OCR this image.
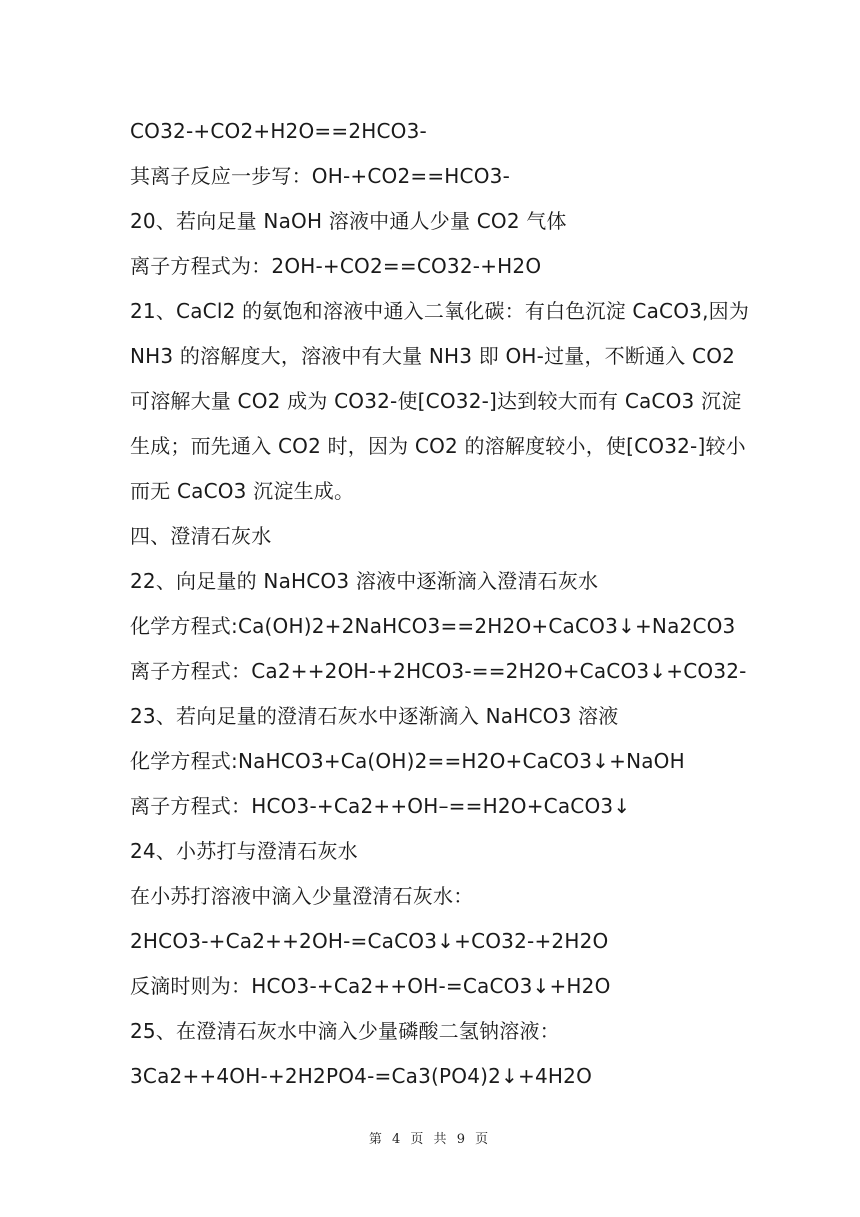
CO32-+CO2+H2O==2HCO3-
其离子反应一步写：OH-+CO2==HCO3-
20、若向足量 NaOH 溶液中通人少量 CO2 气体
离子方程式为：2OH-+CO2==CO32-+H2O
21、CaCl2 的氨饱和溶液中通入二氧化碳：有白色沉淀 CaCO3,因为
NH3 的溶解度大，溶液中有大量 NH3 即 OH-过量，不断通入 CO2
可溶解大量 CO2 成为 CO32-使[CO32-]达到较大而有 CaCO3 沉淀
生成；而先通入 CO2 时，因为 CO2 的溶解度较小，使[CO32-]较小
而无 CaCO3 沉淀生成。
四、澄清石灰水
22、向足量的 NaHCO3 溶液中逐渐滴入澄清石灰水
化学方程式:Ca(OH)2+2NaHCO3==2H2O+CaCO3↓+Na2CO3
离子方程式：Ca2++2OH-+2HCO3-==2H2O+CaCO3↓+CO32-
23、若向足量的澄清石灰水中逐渐滴入 NaHCO3 溶液
化学方程式:NaHCO3+Ca(OH)2==H2O+CaCO3↓+NaOH
离子方程式：HCO3-+Ca2++OH–==H2O+CaCO3↓
24、小苏打与澄清石灰水
在小苏打溶液中滴入少量澄清石灰水：
2HCO3-+Ca2++2OH-=CaCO3↓+CO32-+2H2O
反滴时则为：HCO3-+Ca2++OH-=CaCO3↓+H2O
25、在澄清石灰水中滴入少量磷酸二氢钠溶液：
3Ca2++4OH-+2H2PO4-=Ca3(PO4)2↓+4H2O
第 4 页 共 9 页
